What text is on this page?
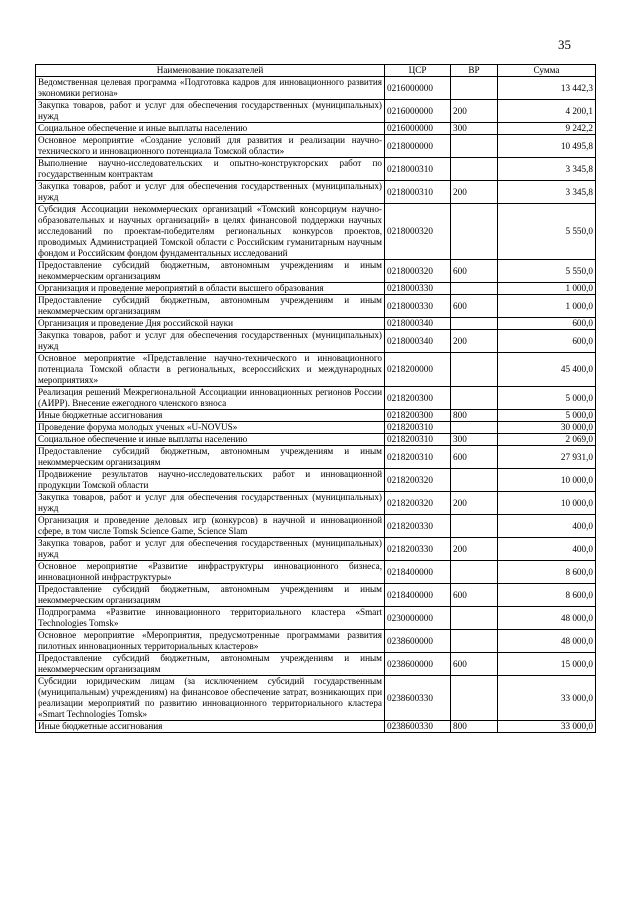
35
Наименование показателей	ЦСР	ВР	Сумма
Ведомственная целевая программа «Подготовка кадров для инновационного развития экономики региона»	0216000000		13 442,3
Закупка товаров, работ и услуг для обеспечения государственных (муниципальных) нужд	0216000000	200	4 200,1
Социальное обеспечение и иные выплаты населению	0216000000	300	9 242,2
Основное мероприятие «Создание условий для развития и реализации научно-технического и инновационного потенциала Томской области»	0218000000		10 495,8
Выполнение научно-исследовательских и опытно-конструкторских работ по государственным контрактам	0218000310		3 345,8
Закупка товаров, работ и услуг для обеспечения государственных (муниципальных) нужд	0218000310	200	3 345,8
Субсидия Ассоциации некоммерческих организаций «Томский консорциум научно-образовательных и научных организаций» в целях финансовой поддержки научных исследований по проектам-победителям региональных конкурсов проектов, проводимых Администрацией Томской области с Российским гуманитарным научным фондом и Российским фондом фундаментальных исследований	0218000320		5 550,0
Предоставление субсидий бюджетным, автономным учреждениям и иным некоммерческим организациям	0218000320	600	5 550,0
Организация и проведение мероприятий в области высшего образования	0218000330		1 000,0
Предоставление субсидий бюджетным, автономным учреждениям и иным некоммерческим организациям	0218000330	600	1 000,0
Организация и проведение Дня российской науки	0218000340		600,0
Закупка товаров, работ и услуг для обеспечения государственных (муниципальных) нужд	0218000340	200	600,0
Основное мероприятие «Представление научно-технического и инновационного потенциала Томской области в региональных, всероссийских и международных мероприятиях»	0218200000		45 400,0
Реализация решений Межрегиональной Ассоциации инновационных регионов России (АИРР). Внесение ежегодного членского взноса	0218200300		5 000,0
Иные бюджетные ассигнования	0218200300	800	5 000,0
Проведение форума молодых ученых «U-NOVUS»	0218200310		30 000,0
Социальное обеспечение и иные выплаты населению	0218200310	300	2 069,0
Предоставление субсидий бюджетным, автономным учреждениям и иным некоммерческим организациям	0218200310	600	27 931,0
Продвижение результатов научно-исследовательских работ и инновационной продукции Томской области	0218200320		10 000,0
Закупка товаров, работ и услуг для обеспечения государственных (муниципальных) нужд	0218200320	200	10 000,0
Организация и проведение деловых игр (конкурсов) в научной и инновационной сфере, в том числе Tomsk Science Game, Science Slam	0218200330		400,0
Закупка товаров, работ и услуг для обеспечения государственных (муниципальных) нужд	0218200330	200	400,0
Основное мероприятие «Развитие инфраструктуры инновационного бизнеса, инновационной инфраструктуры»	0218400000		8 600,0
Предоставление субсидий бюджетным, автономным учреждениям и иным некоммерческим организациям	0218400000	600	8 600,0
Подпрограмма «Развитие инновационного территориального кластера «Smart Technologies Tomsk»	0230000000		48 000,0
Основное мероприятие «Мероприятия, предусмотренные программами развития пилотных инновационных территориальных кластеров»	0238600000		48 000,0
Предоставление субсидий бюджетным, автономным учреждениям и иным некоммерческим организациям	0238600000	600	15 000,0
Субсидии юридическим лицам (за исключением субсидий государственным (муниципальным) учреждениям) на финансовое обеспечение затрат, возникающих при реализации мероприятий по развитию инновационного территориального кластера «Smart Technologies Tomsk»	0238600330		33 000,0
Иные бюджетные ассигнования	0238600330	800	33 000,0
